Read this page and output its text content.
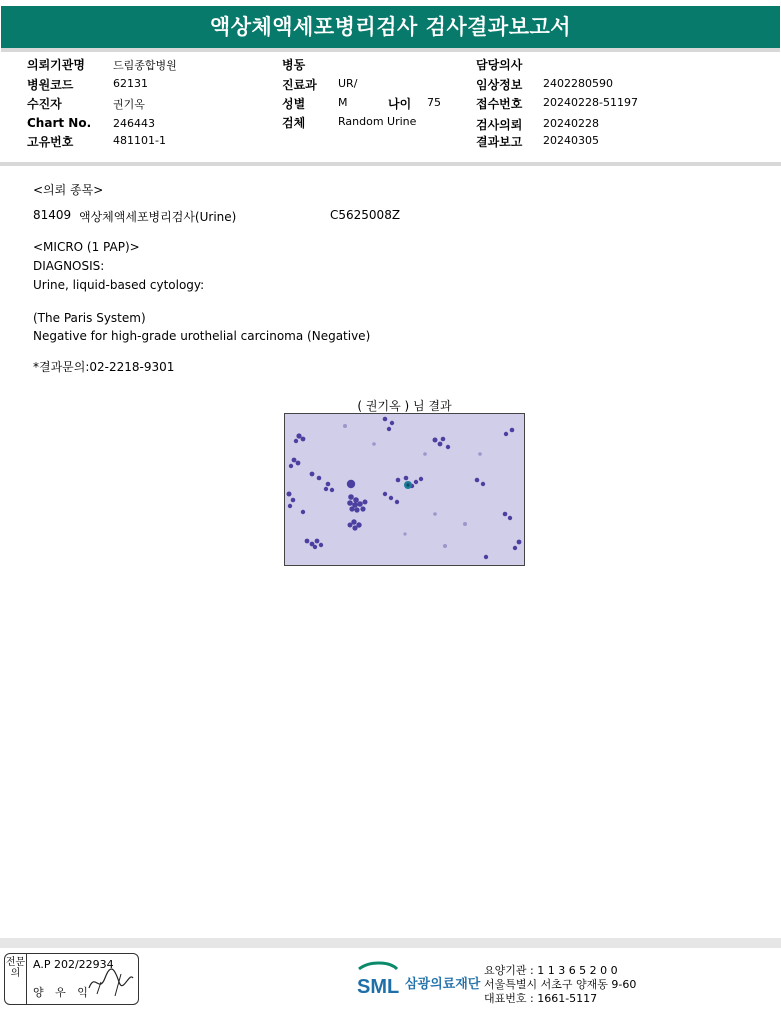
액상체액세포병리검사 검사결과보고서
의뢰기관명	드림종합병원
병원코드	62131
수진자	권기옥
Chart No. 246443
고유번호	481101-1
병동
진료과 UR/
성별	M	나이 75
검체	Random Urine
담당의사
임상정보 2402280590
접수번호 20240228-51197
검사의뢰 20240228
결과보고 20240305
<의뢰 종목>
81409 액상체액세포병리검사(Urine)	C5625008Z
<MICRO (1 PAP)>
DIAGNOSIS:
Urine, liquid-based cytology:
(The Paris System)
Negative for high-grade urothelial carcinoma (Negative)
*결과문의:02-2218-9301
( 권기옥 ) 님 결과
전문의
A.P 202/22934
양 우 익	SML 삼광의료재단
요양기관 : 1 1 3 6 5 2 0 0
서울특별시 서초구 양재동 9-60
대표번호 : 1661-5117
